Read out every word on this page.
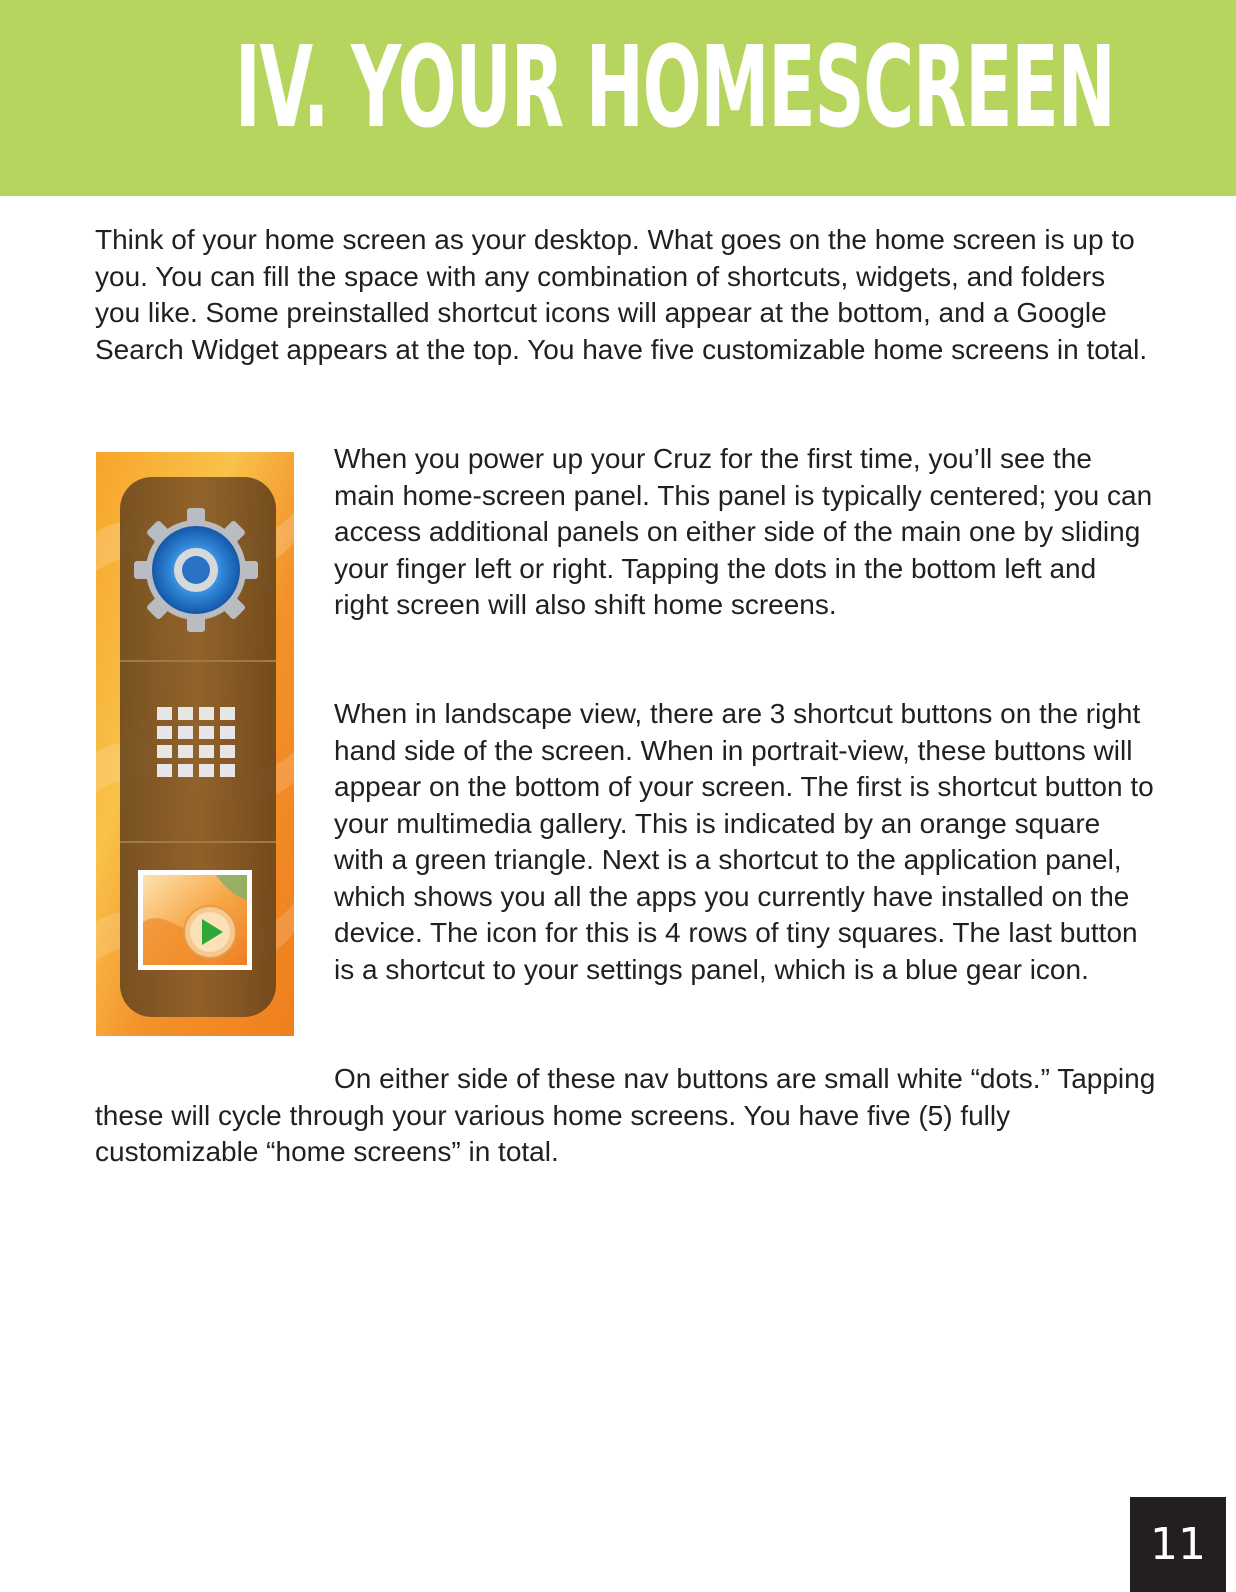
IV. YOUR HOMESCREEN

Think of your home screen as your desktop. What goes on the home screen is up to you. You can fill the space with any combination of shortcuts, widgets, and folders you like. Some preinstalled shortcut icons will appear at the bottom, and a Google Search Widget appears at the top. You have five customizable home screens in total.

When you power up your Cruz for the first time, you’ll see the main home-screen panel. This panel is typically centered; you can access additional panels on either side of the main one by sliding your finger left or right. Tapping the dots in the bottom left and right screen will also shift home screens.

When in landscape view, there are 3 shortcut buttons on the right hand side of the screen. When in portrait-view, these buttons will appear on the bottom of your screen. The first is shortcut button to your multimedia gallery. This is indicated by an orange square with a green triangle. Next is a shortcut to the application panel, which shows you all the apps you currently have installed on the device. The icon for this is 4 rows of tiny squares. The last button is a shortcut to your settings panel, which is a blue gear icon.

On either side of these nav buttons are small white “dots.” Tapping these will cycle through your various home screens. You have five (5) fully customizable “home screens” in total.

11
